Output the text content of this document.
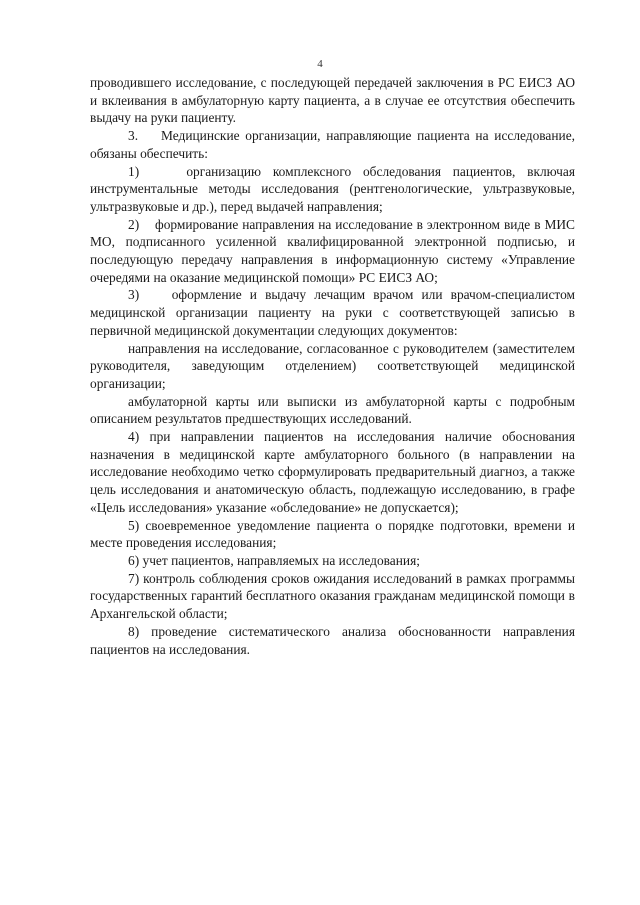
4

проводившего исследование, с последующей передачей заключения в РС ЕИСЗ АО и вклеивания в амбулаторную карту пациента, а в случае ее отсутствия обеспечить выдачу на руки пациенту.

3.    Медицинские организации, направляющие пациента на исследование, обязаны обеспечить:

1)    организацию комплексного обследования пациентов, включая инструментальные методы исследования (рентгенологические, ультразвуковые, ультразвуковые и др.), перед выдачей направления;

2)    формирование направления на исследование в электронном виде в МИС МО, подписанного усиленной квалифицированной электронной подписью, и последующую передачу направления в информационную систему «Управление очередями на оказание медицинской помощи» РС ЕИСЗ АО;

3)    оформление и выдачу лечащим врачом или врачом-специалистом медицинской организации пациенту на руки с соответствующей записью в первичной медицинской документации следующих документов:

направления на исследование, согласованное с руководителем (заместителем руководителя, заведующим отделением) соответствующей медицинской организации;

амбулаторной карты или выписки из амбулаторной карты с подробным описанием результатов предшествующих исследований.

4) при направлении пациентов на исследования наличие обоснования назначения в медицинской карте амбулаторного больного (в направлении на исследование необходимо четко сформулировать предварительный диагноз, а также цель исследования и анатомическую область, подлежащую исследованию, в графе «Цель исследования» указание «обследование» не допускается);

5) своевременное уведомление пациента о порядке подготовки, времени и месте проведения исследования;

6) учет пациентов, направляемых на исследования;

7) контроль соблюдения сроков ожидания исследований в рамках программы государственных гарантий бесплатного оказания гражданам медицинской помощи в Архангельской области;

8) проведение систематического анализа обоснованности направления пациентов на исследования.
